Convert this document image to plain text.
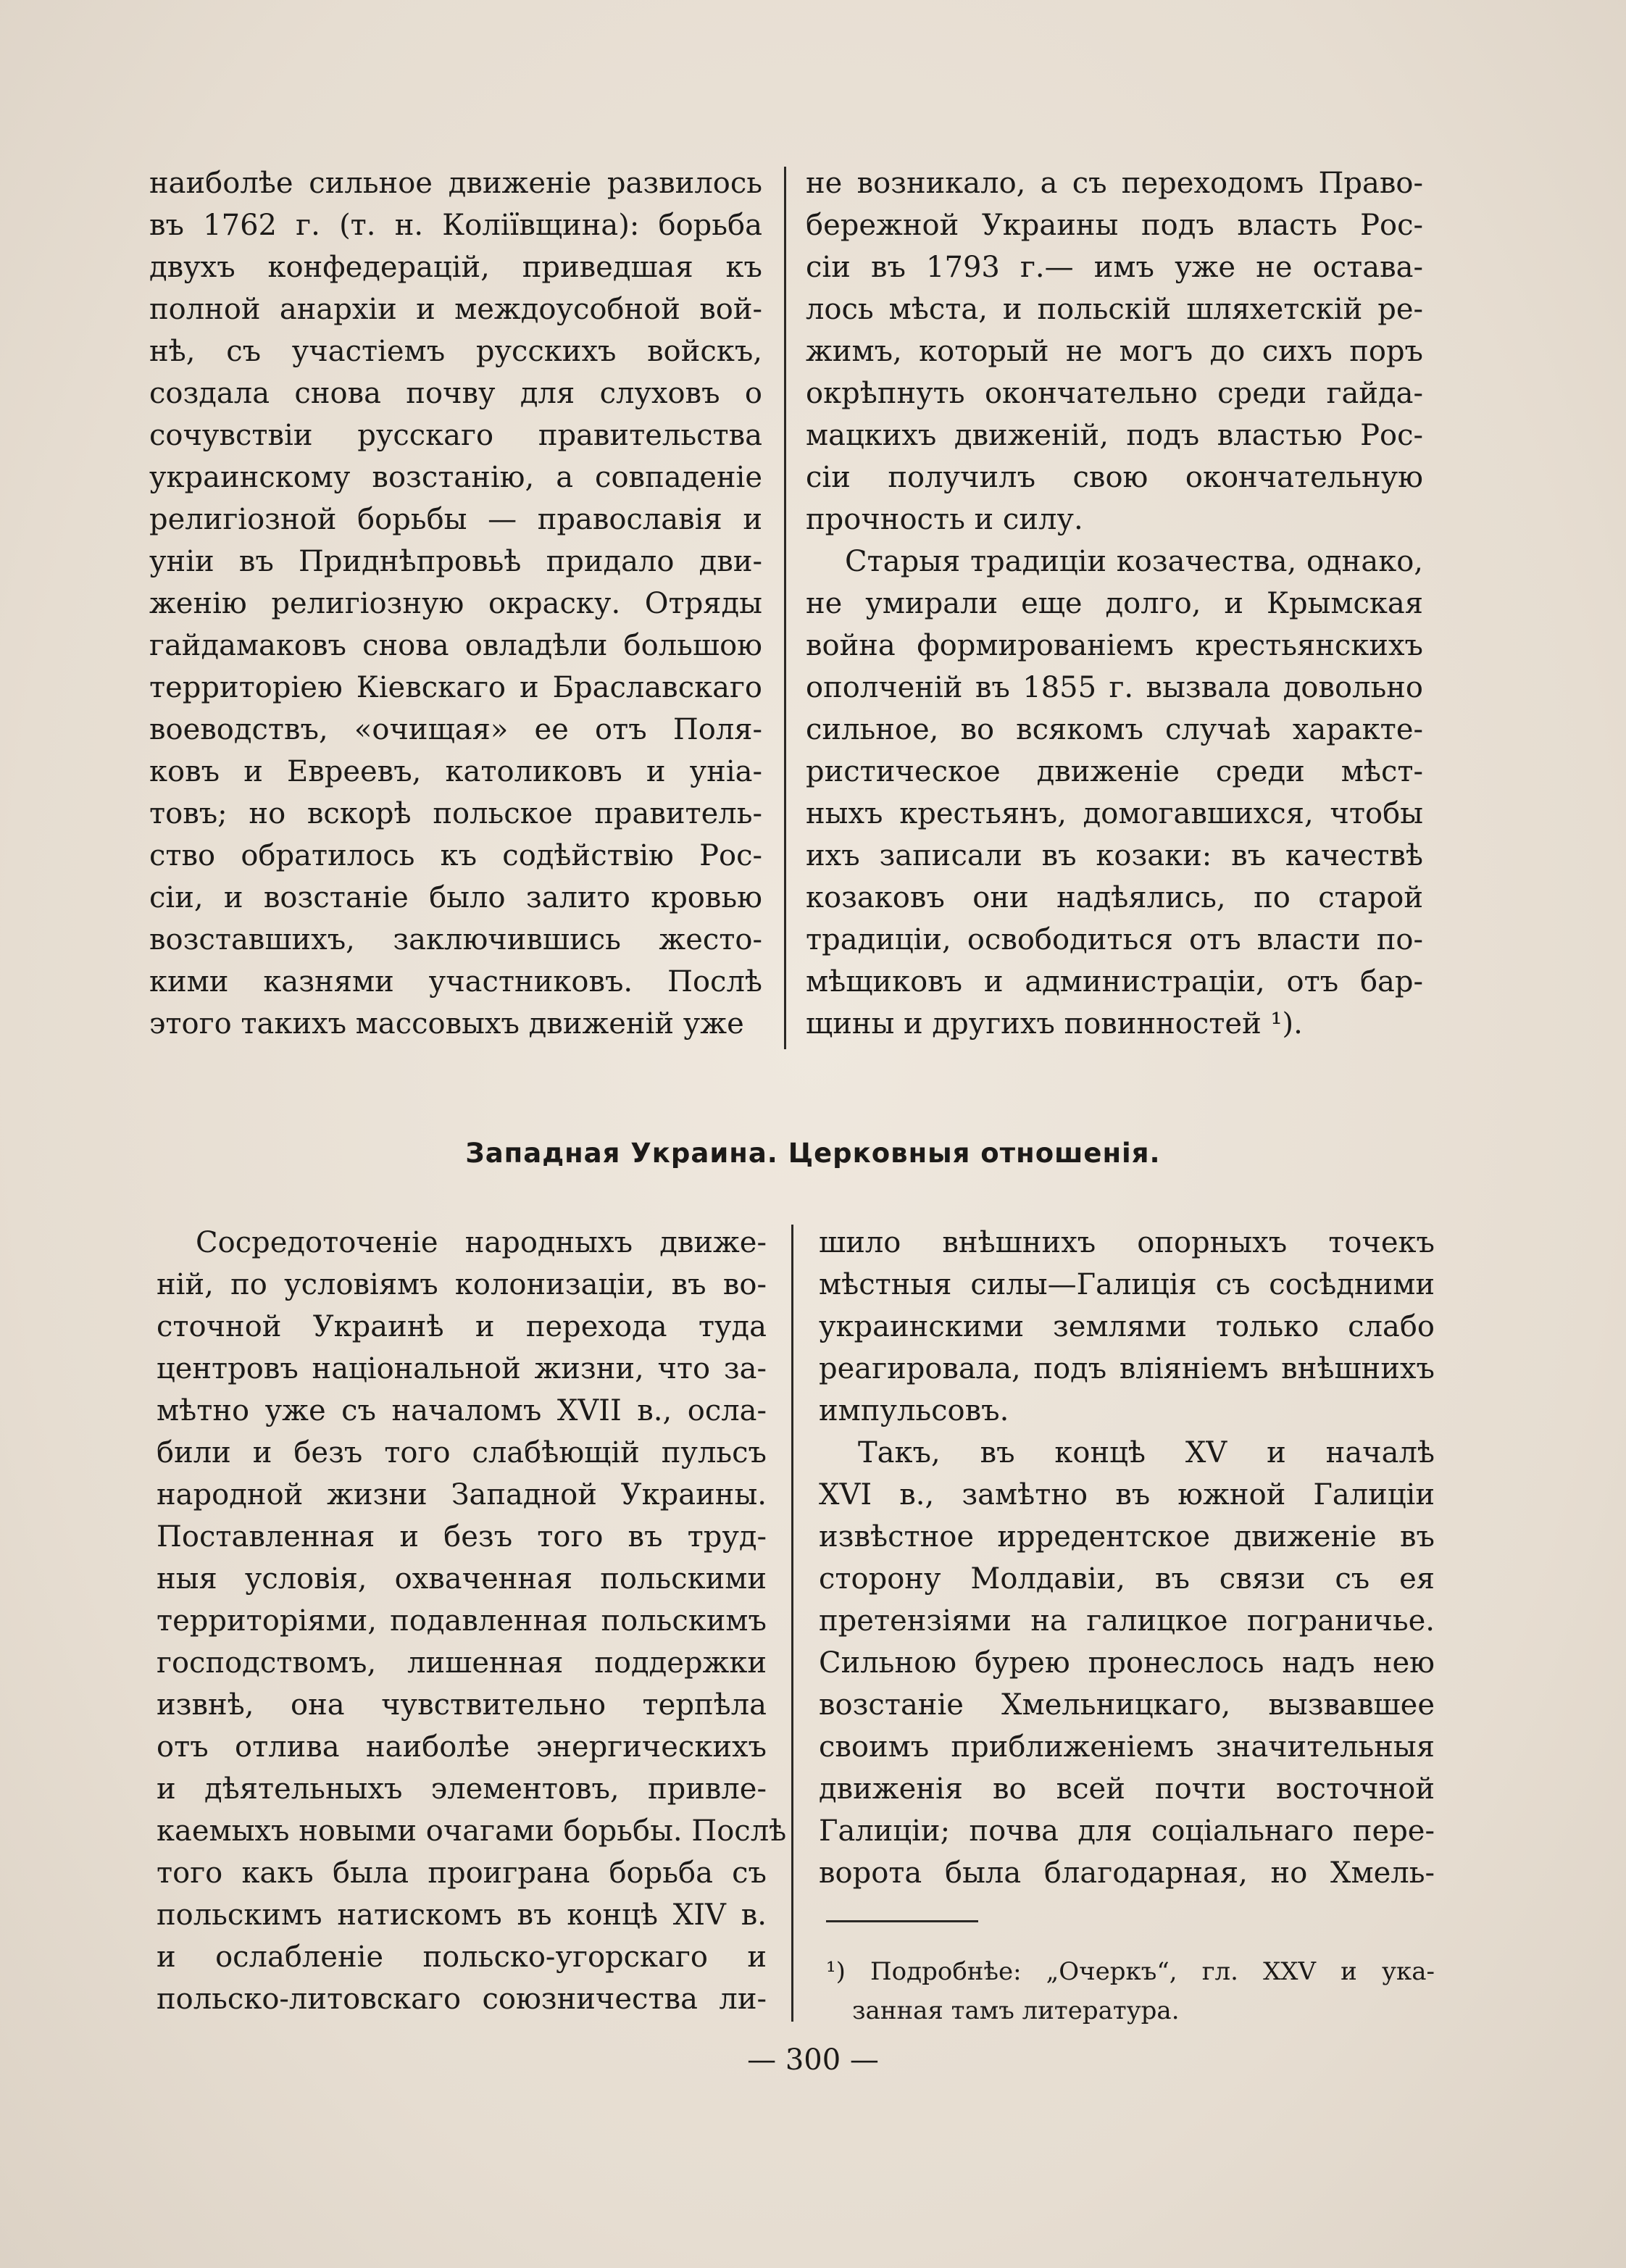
наиболѣе сильное движеніе развилось
въ 1762 г. (т. н. Коліївщина): борьба
двухъ конфедерацій, приведшая къ
полной анархіи и междоусобной вой-
нѣ, съ участіемъ русскихъ войскъ,
создала снова почву для слуховъ о
сочувствіи русскаго правительства
украинскому возстанію, а совпаденіе
религіозной борьбы — православія и
уніи въ Приднѣпровьѣ придало дви-
женію религіозную окраску. Отряды
гайдамаковъ снова овладѣли большою
территоріею Кіевскаго и Браславскаго
воеводствъ, «очищая» ее отъ Поля-
ковъ и Евреевъ, католиковъ и уніа-
товъ; но вскорѣ польское правитель-
ство обратилось къ содѣйствію Рос-
сіи, и возстаніе было залито кровью
возставшихъ, заключившись жесто-
кими казнями участниковъ. Послѣ
этого такихъ массовыхъ движеній уже
не возникало, а съ переходомъ Право-
бережной Украины подъ власть Рос-
сіи въ 1793 г.— имъ уже не остава-
лось мѣста, и польскій шляхетскій ре-
жимъ, который не могъ до сихъ поръ
окрѣпнуть окончательно среди гайда-
мацкихъ движеній, подъ властью Рос-
сіи получилъ свою окончательную
прочность и силу.
Старыя традиціи козачества, однако,
не умирали еще долго, и Крымская
война формированіемъ крестьянскихъ
ополченій въ 1855 г. вызвала довольно
сильное, во всякомъ случаѣ характе-
ристическое движеніе среди мѣст-
ныхъ крестьянъ, домогавшихся, чтобы
ихъ записали въ козаки: въ качествѣ
козаковъ они надѣялись, по старой
традиціи, освободиться отъ власти по-
мѣщиковъ и администраціи, отъ бар-
щины и другихъ повинностей ¹).
Западная Украина. Церковныя отношенія.
Сосредоточеніе народныхъ движе-
ній, по условіямъ колонизаціи, въ во-
сточной Украинѣ и перехода туда
центровъ національной жизни, что за-
мѣтно уже съ началомъ XVII в., осла-
били и безъ того слабѣющій пульсъ
народной жизни Западной Украины.
Поставленная и безъ того въ труд-
ныя условія, охваченная польскими
территоріями, подавленная польскимъ
господствомъ, лишенная поддержки
извнѣ, она чувствительно терпѣла
отъ отлива наиболѣе энергическихъ
и дѣятельныхъ элементовъ, привле-
каемыхъ новыми очагами борьбы. Послѣ
того какъ была проиграна борьба съ
польскимъ натискомъ въ концѣ XIV в.
и ослабленіе польско-угорскаго и
польско-литовскаго союзничества ли-
шило внѣшнихъ опорныхъ точекъ
мѣстныя силы—Галиція съ сосѣдними
украинскими землями только слабо
реагировала, подъ вліяніемъ внѣшнихъ
импульсовъ.
Такъ, въ концѣ XV и началѣ
XVI в., замѣтно въ южной Галиціи
извѣстное ирредентское движеніе въ
сторону Молдавіи, въ связи съ ея
претензіями на галицкое пограничье.
Сильною бурею пронеслось надъ нею
возстаніе Хмельницкаго, вызвавшее
своимъ приближеніемъ значительныя
движенія во всей почти восточной
Галиціи; почва для соціальнаго пере-
ворота была благодарная, но Хмель-
¹) Подробнѣе: „Очеркъ“, гл. XXV и ука-
занная тамъ литература.
— 300 —
